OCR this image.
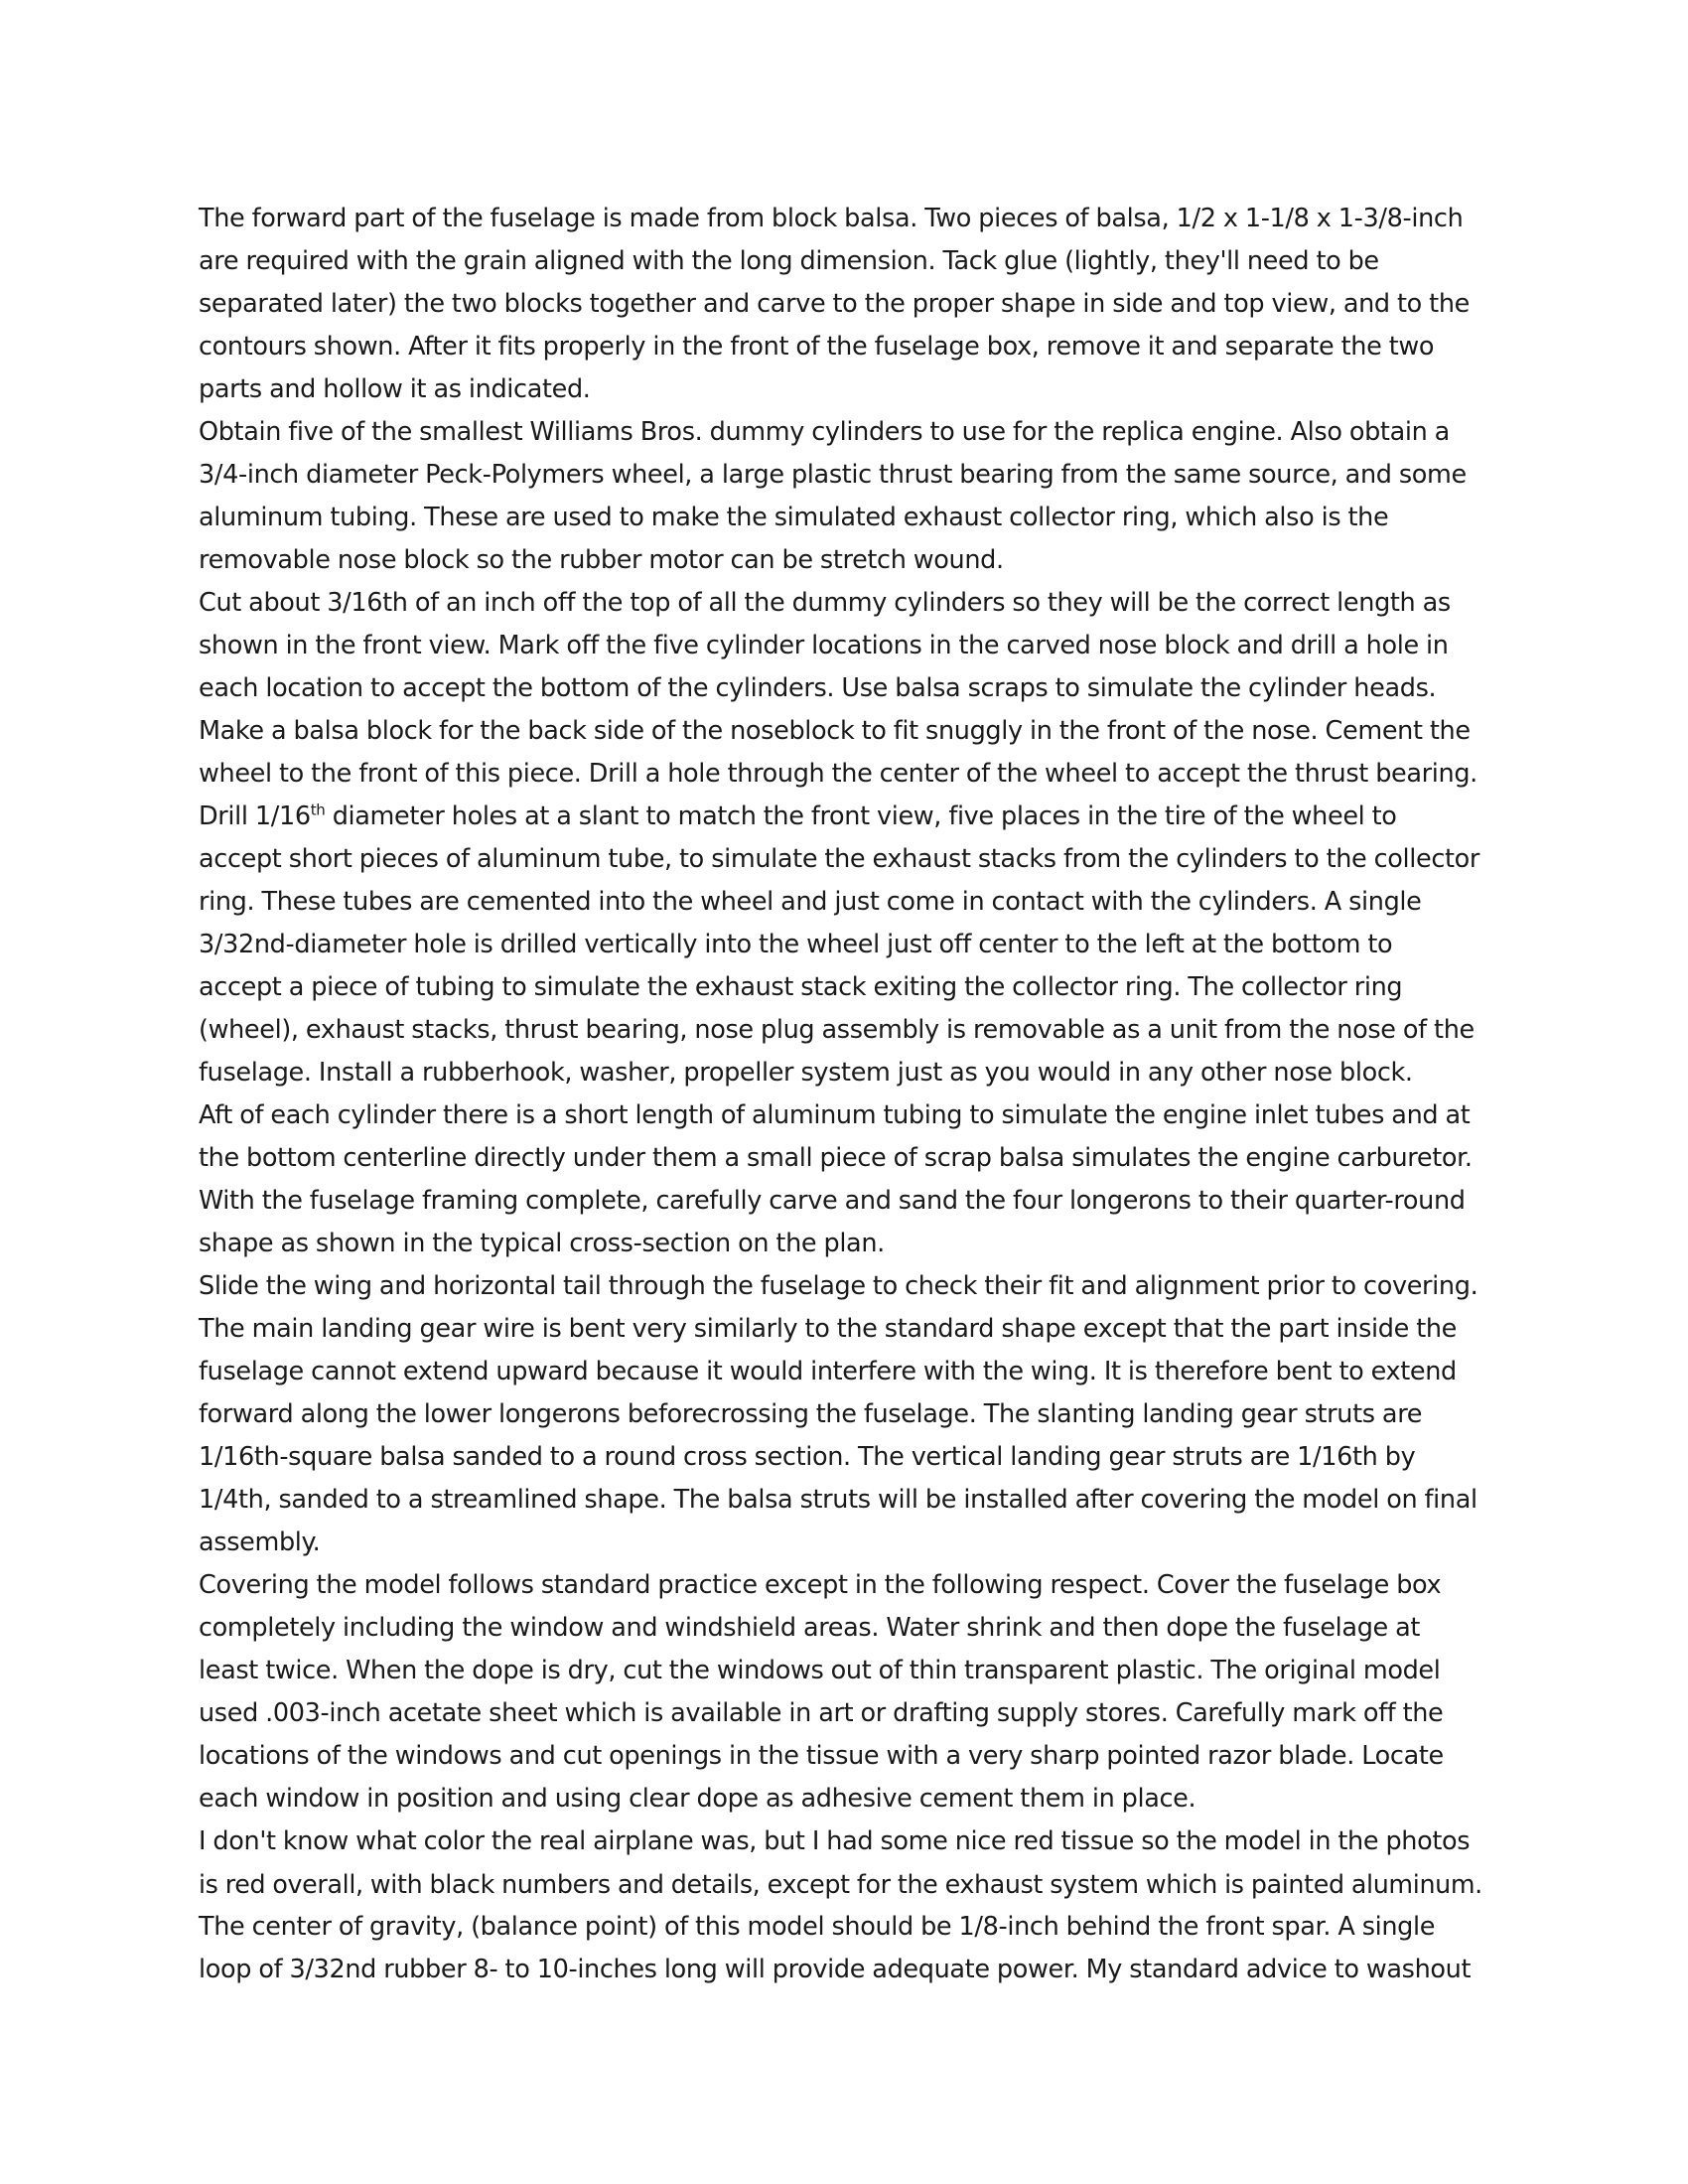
The forward part of the fuselage is made from block balsa. Two pieces of balsa, 1/2 x 1-1/8 x 1-3/8-inch
are required with the grain aligned with the long dimension. Tack glue (lightly, they'll need to be
separated later) the two blocks together and carve to the proper shape in side and top view, and to the
contours shown. After it fits properly in the front of the fuselage box, remove it and separate the two
parts and hollow it as indicated.
Obtain five of the smallest Williams Bros. dummy cylinders to use for the replica engine. Also obtain a
3/4-inch diameter Peck-Polymers wheel, a large plastic thrust bearing from the same source, and some
aluminum tubing. These are used to make the simulated exhaust collector ring, which also is the
removable nose block so the rubber motor can be stretch wound.
Cut about 3/16th of an inch off the top of all the dummy cylinders so they will be the correct length as
shown in the front view. Mark off the five cylinder locations in the carved nose block and drill a hole in
each location to accept the bottom of the cylinders. Use balsa scraps to simulate the cylinder heads.
Make a balsa block for the back side of the noseblock to fit snuggly in the front of the nose. Cement the
wheel to the front of this piece. Drill a hole through the center of the wheel to accept the thrust bearing.
Drill 1/16th diameter holes at a slant to match the front view, five places in the tire of the wheel to
accept short pieces of aluminum tube, to simulate the exhaust stacks from the cylinders to the collector
ring. These tubes are cemented into the wheel and just come in contact with the cylinders. A single
3/32nd-diameter hole is drilled vertically into the wheel just off center to the left at the bottom to
accept a piece of tubing to simulate the exhaust stack exiting the collector ring. The collector ring
(wheel), exhaust stacks, thrust bearing, nose plug assembly is removable as a unit from the nose of the
fuselage. Install a rubberhook, washer, propeller system just as you would in any other nose block.
Aft of each cylinder there is a short length of aluminum tubing to simulate the engine inlet tubes and at
the bottom centerline directly under them a small piece of scrap balsa simulates the engine carburetor.
With the fuselage framing complete, carefully carve and sand the four longerons to their quarter-round
shape as shown in the typical cross-section on the plan.
Slide the wing and horizontal tail through the fuselage to check their fit and alignment prior to covering.
The main landing gear wire is bent very similarly to the standard shape except that the part inside the
fuselage cannot extend upward because it would interfere with the wing. It is therefore bent to extend
forward along the lower longerons beforecrossing the fuselage. The slanting landing gear struts are
1/16th-square balsa sanded to a round cross section. The vertical landing gear struts are 1/16th by
1/4th, sanded to a streamlined shape. The balsa struts will be installed after covering the model on final
assembly.
Covering the model follows standard practice except in the following respect. Cover the fuselage box
completely including the window and windshield areas. Water shrink and then dope the fuselage at
least twice. When the dope is dry, cut the windows out of thin transparent plastic. The original model
used .003-inch acetate sheet which is available in art or drafting supply stores. Carefully mark off the
locations of the windows and cut openings in the tissue with a very sharp pointed razor blade. Locate
each window in position and using clear dope as adhesive cement them in place.
I don't know what color the real airplane was, but I had some nice red tissue so the model in the photos
is red overall, with black numbers and details, except for the exhaust system which is painted aluminum.
The center of gravity, (balance point) of this model should be 1/8-inch behind the front spar. A single
loop of 3/32nd rubber 8- to 10-inches long will provide adequate power. My standard advice to washout
